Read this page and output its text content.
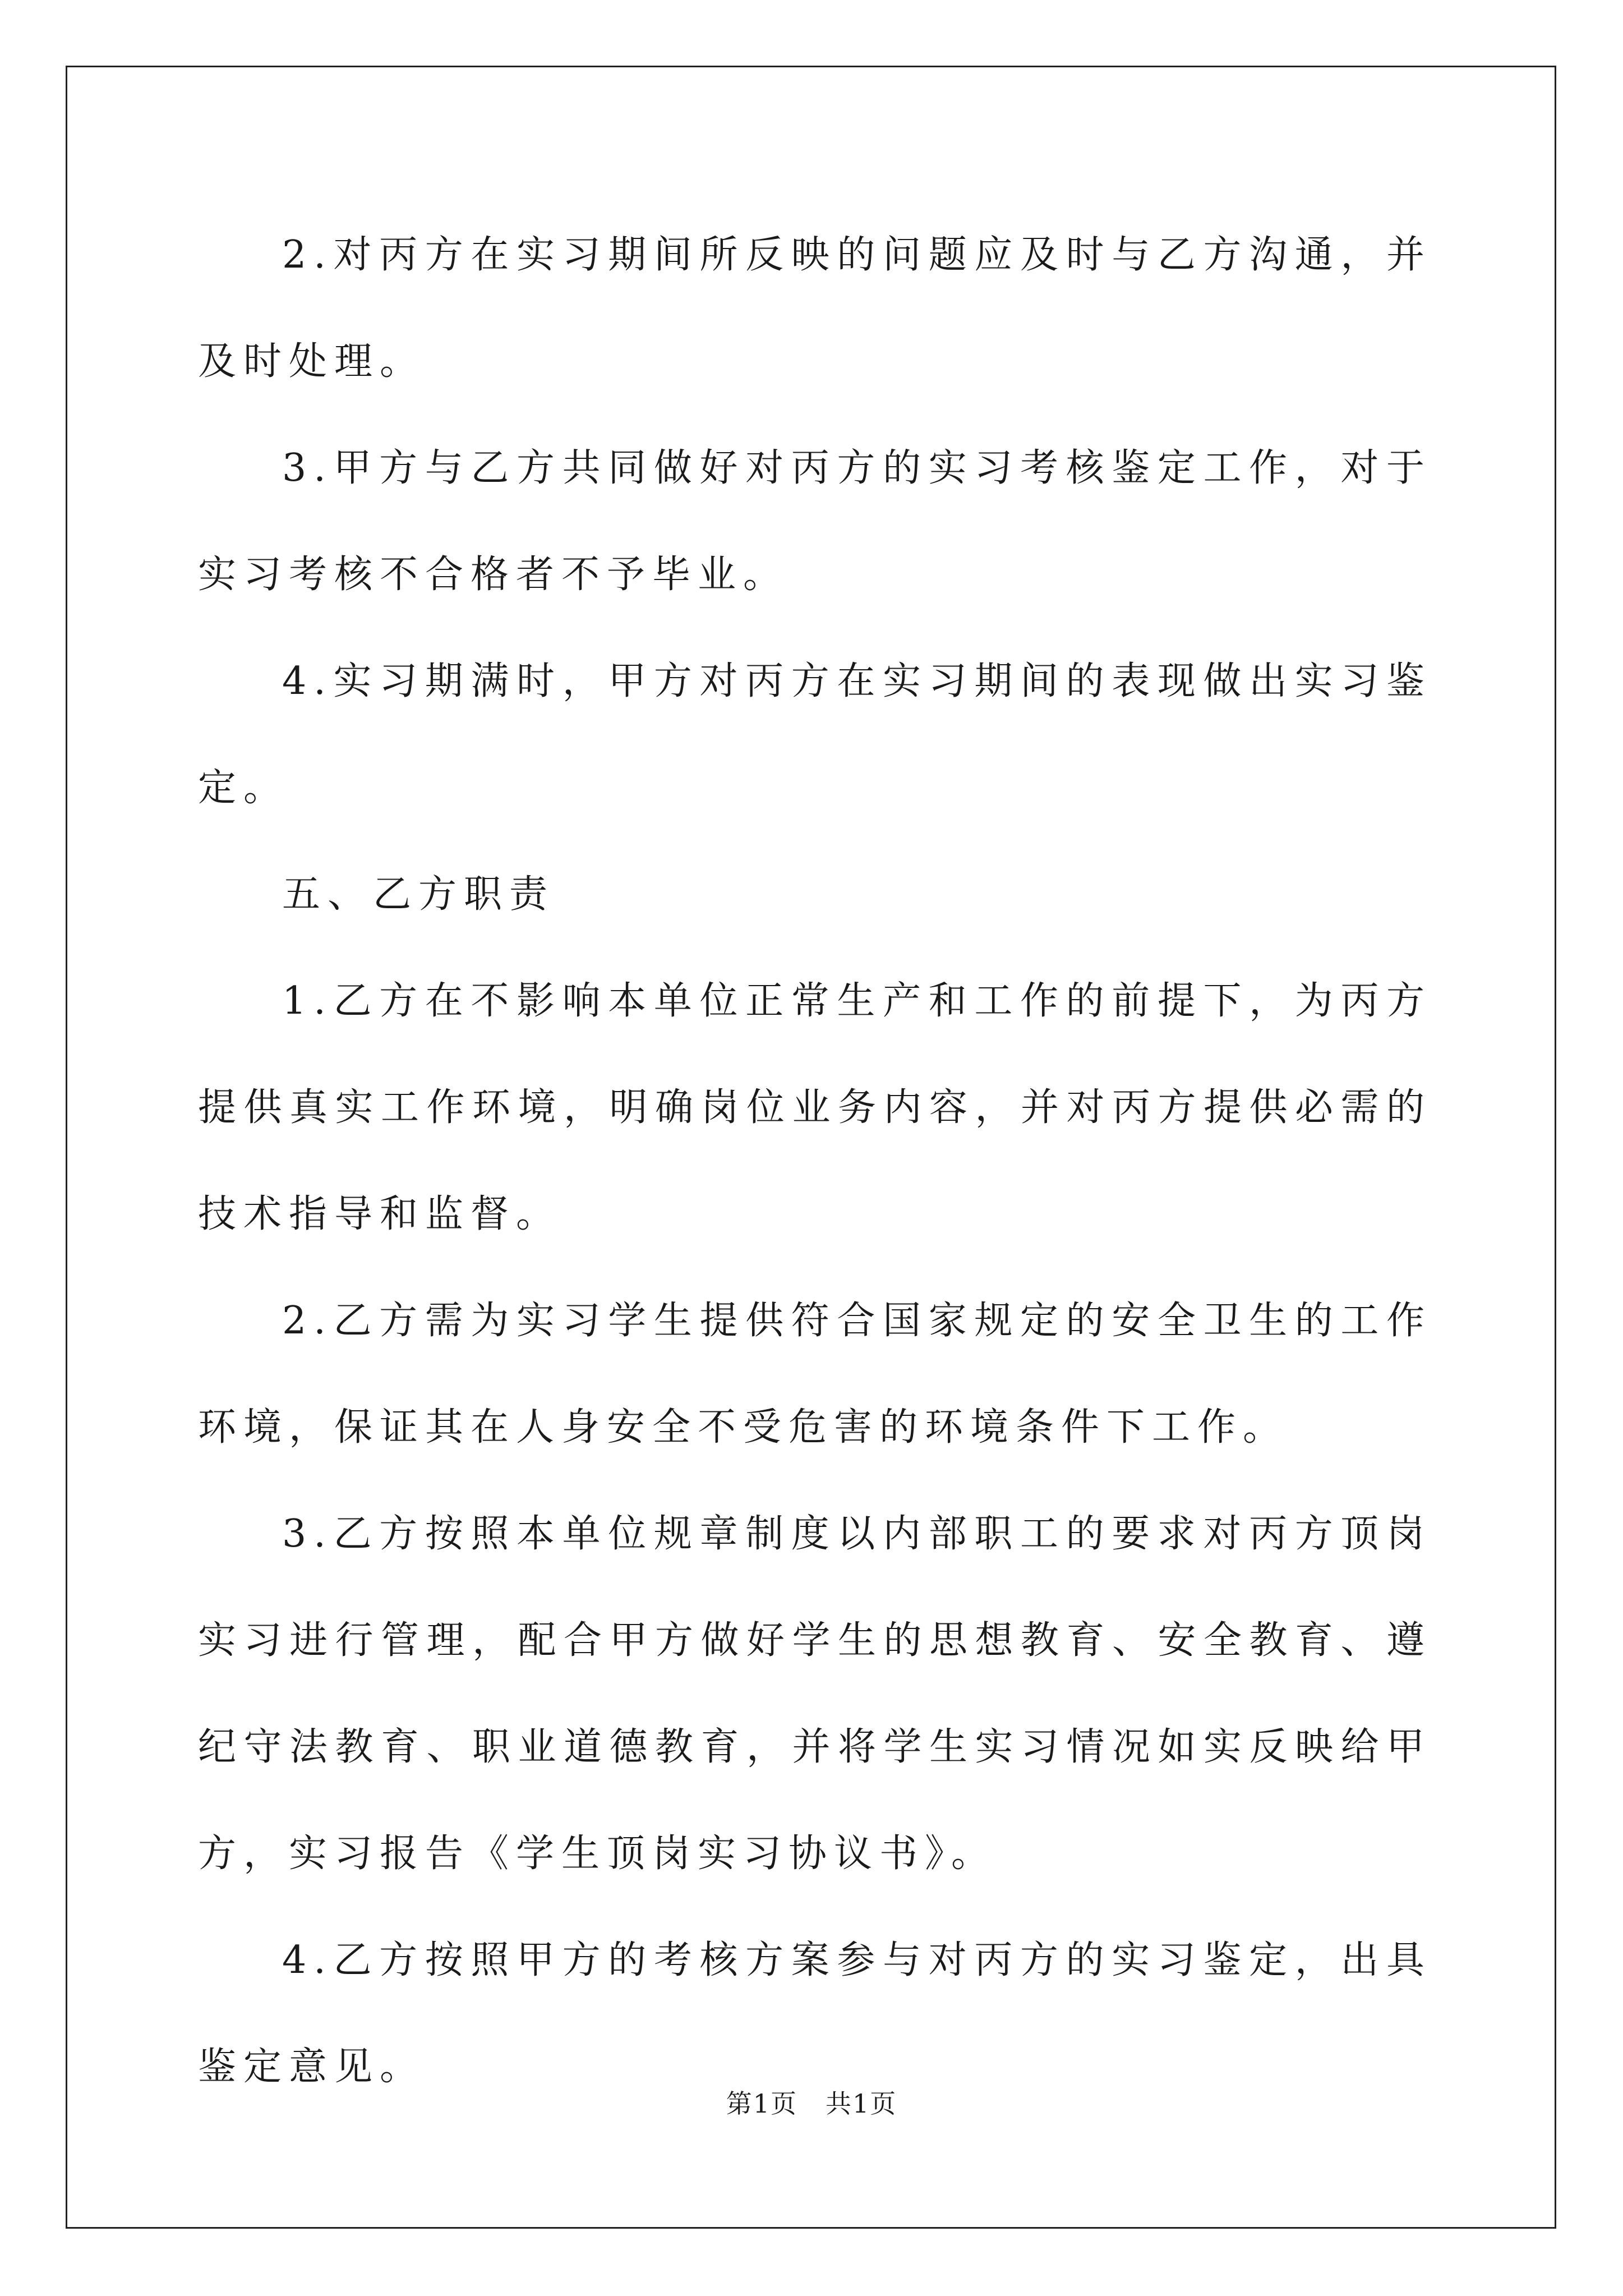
2.对丙方在实习期间所反映的问题应及时与乙方沟通，并及时处理。

3.甲方与乙方共同做好对丙方的实习考核鉴定工作，对于实习考核不合格者不予毕业。

4.实习期满时，甲方对丙方在实习期间的表现做出实习鉴定。

五、乙方职责

1.乙方在不影响本单位正常生产和工作的前提下，为丙方提供真实工作环境，明确岗位业务内容，并对丙方提供必需的技术指导和监督。

2.乙方需为实习学生提供符合国家规定的安全卫生的工作环境，保证其在人身安全不受危害的环境条件下工作。

3.乙方按照本单位规章制度以内部职工的要求对丙方顶岗实习进行管理，配合甲方做好学生的思想教育、安全教育、遵纪守法教育、职业道德教育，并将学生实习情况如实反映给甲方，实习报告《学生顶岗实习协议书》。

4.乙方按照甲方的考核方案参与对丙方的实习鉴定，出具鉴定意见。

第1页 共1页
